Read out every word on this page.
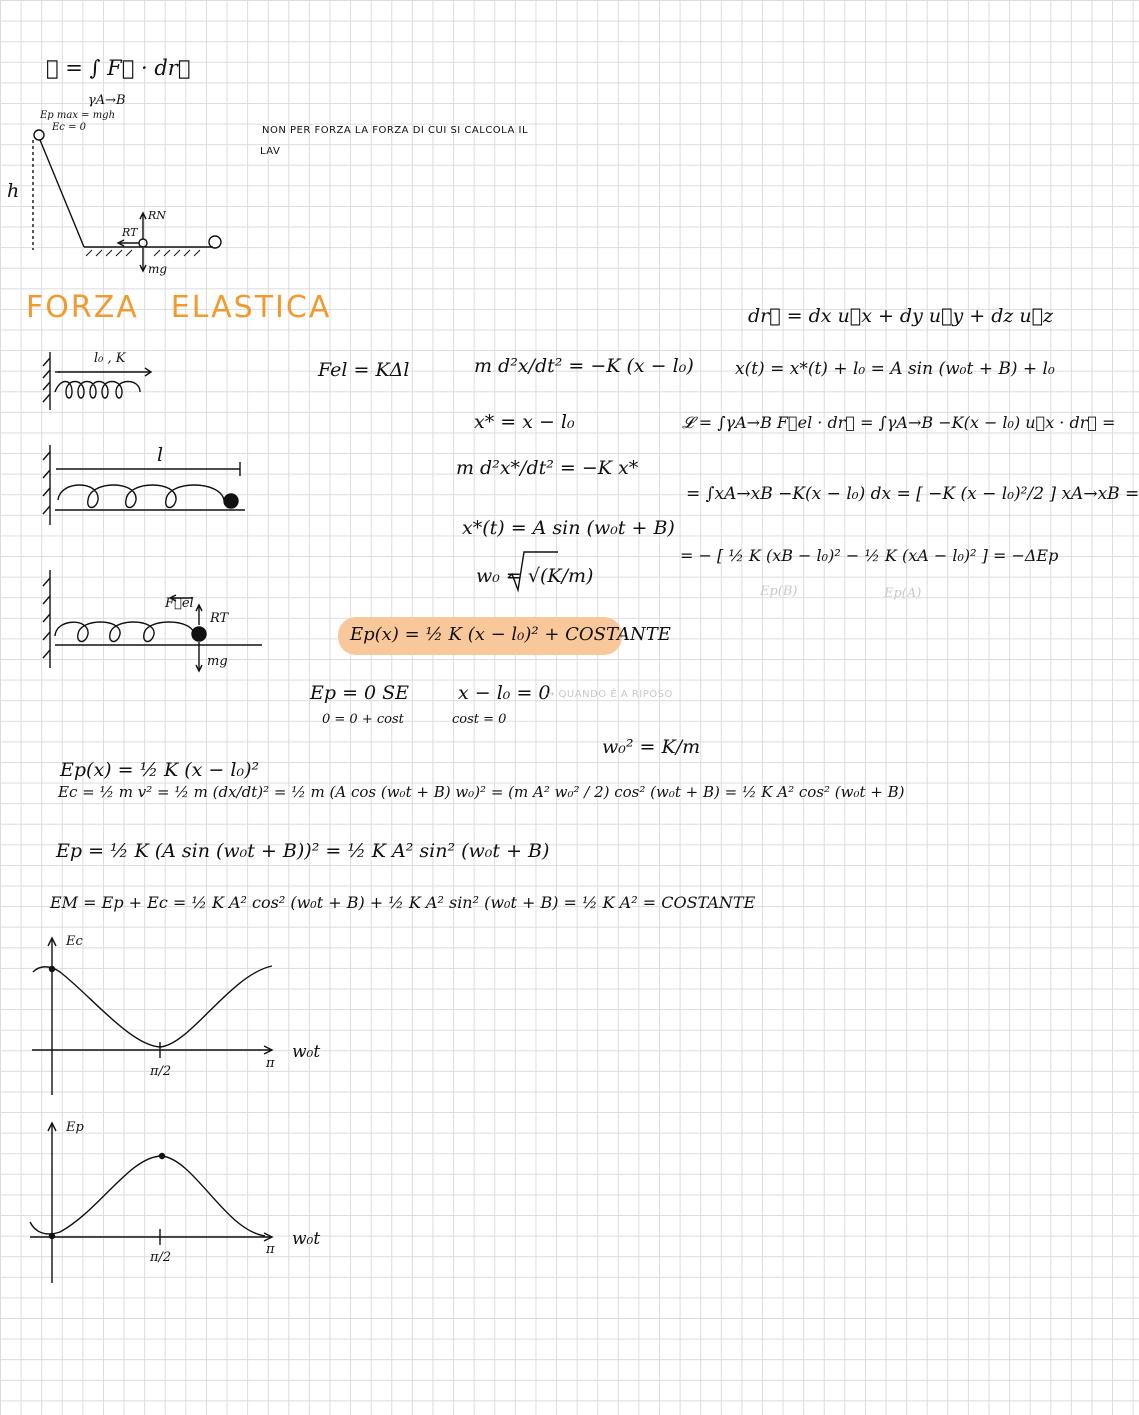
𝓛 = ∫ F⃗ · dr⃗
γA→B
Ep max = mgh
Ec = 0
h
RN
RT
mg
NON PER FORZA LA FORZA DI CUI SI CALCOLA IL
LAV
FORZA ELASTICA
l₀ , K
l
F⃗el
RT
mg
Fel = KΔl	m d²x/dt² = −K (x − l₀)
x* = x − l₀
m d²x*/dt² = −K x*
x*(t) = A sin (w₀t + B)
w₀ = √(K/m)
Ep(x) = ½ K (x − l₀)² + COSTANTE
Ep = 0 SE	x − l₀ = 0
→ QUANDO È A RIPOSO
0 = 0 + cost	cost = 0
w₀² = K/m
dr⃗ = dx u⃗x + dy u⃗y + dz u⃗z
x(t) = x*(t) + l₀ = A sin (w₀t + B) + l₀
𝓛 = ∫γA→B F⃗el · dr⃗ = ∫γA→B −K(x − l₀) u⃗x · dr⃗ =
= ∫xA→xB −K(x − l₀) dx = [ −K (x − l₀)²/2 ] xA→xB =
= − [ ½ K (xB − l₀)² − ½ K (xA − l₀)² ] = −ΔEp
Ep(B)	Ep(A)
Ep(x) = ½ K (x − l₀)²
Ec = ½ m v² = ½ m (dx/dt)² = ½ m (A cos (w₀t + B) w₀)² = (m A² w₀² / 2) cos² (w₀t + B) = ½ K A² cos² (w₀t + B)
Ep = ½ K (A sin (w₀t + B))² = ½ K A² sin² (w₀t + B)
EM = Ep + Ec = ½ K A² cos² (w₀t + B) + ½ K A² sin² (w₀t + B) = ½ K A² = COSTANTE
Ec
w₀t
π/2
π
Ep
w₀t
π/2
π
